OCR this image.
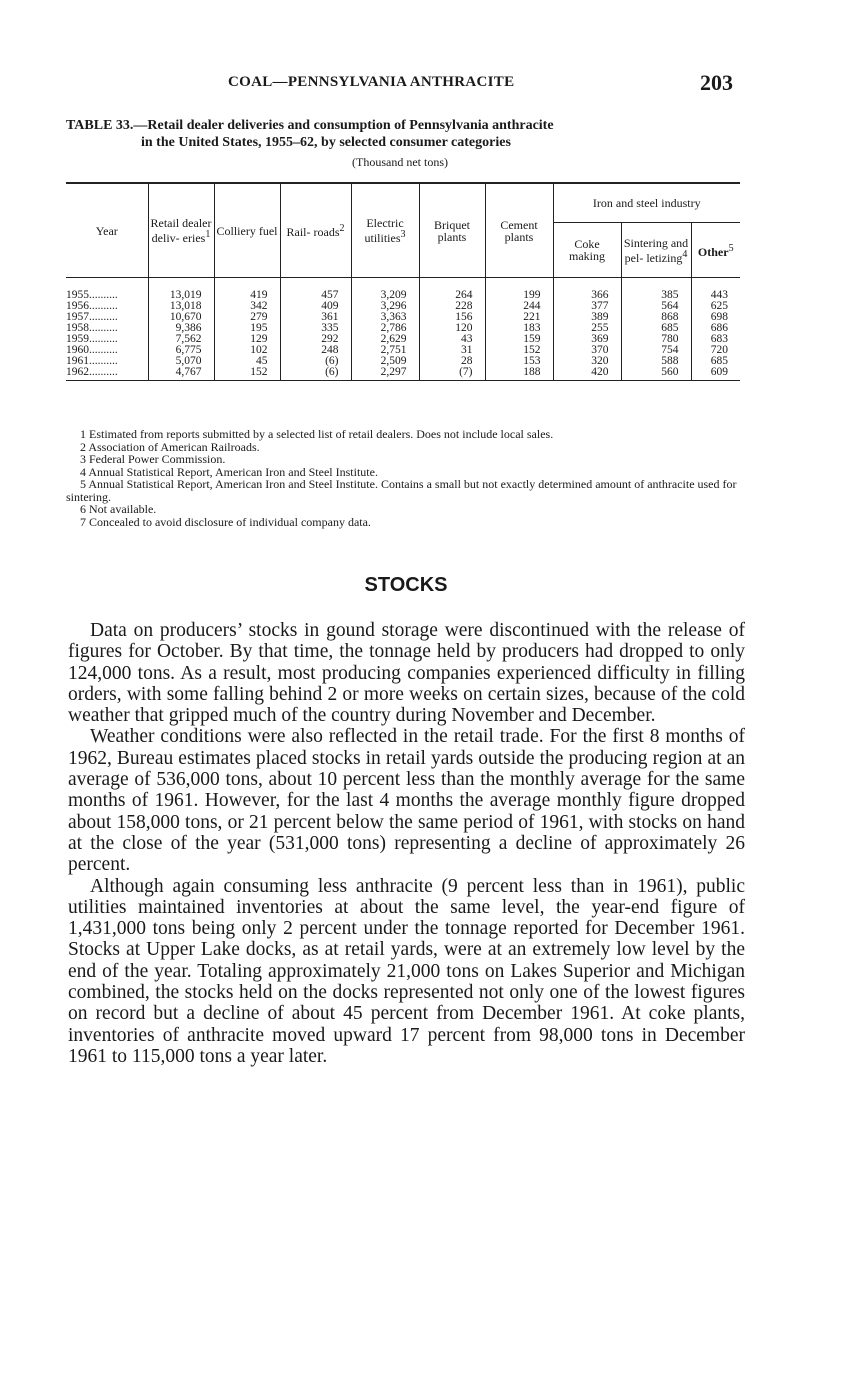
COAL—PENNSYLVANIA ANTHRACITE	203
TABLE 33.—Retail dealer deliveries and consumption of Pennsylvania anthracite
in the United States, 1955–62, by selected consumer categories
(Thousand net tons)
Year	Retail dealer deliv- eries$^1$	Colliery fuel	Rail- roads$^2$	Electric utilities$^3$	Briquet plants	Cement plants	Iron and steel industry		
							Coke making	Sintering and pel- letizing$^4$	Other$^5$

1955..........	13,019	419	457	3,209	264	199	366	385	443
1956..........	13,018	342	409	3,296	228	244	377	564	625
1957..........	10,670	279	361	3,363	156	221	389	868	698
1958..........	9,386	195	335	2,786	120	183	255	685	686
1959..........	7,562	129	292	2,629	43	159	369	780	683
1960..........	6,775	102	248	2,751	31	152	370	754	720
1961..........	5,070	45	(6)	2,509	28	153	320	588	685
1962..........	4,767	152	(6)	2,297	(7)	188	420	560	609
1 Estimated from reports submitted by a selected list of retail dealers. Does not include local sales.
2 Association of American Railroads.
3 Federal Power Commission.
4 Annual Statistical Report, American Iron and Steel Institute.
5 Annual Statistical Report, American Iron and Steel Institute. Contains a small but not exactly determined amount of anthracite used for sintering.
6 Not available.
7 Concealed to avoid disclosure of individual company data.
STOCKS

Data on producers’ stocks in gound storage were discontinued with the release of figures for October. By that time, the tonnage held by producers had dropped to only 124,000 tons. As a result, most producing companies experienced difficulty in filling orders, with some falling behind 2 or more weeks on certain sizes, because of the cold weather that gripped much of the country during November and December.

Weather conditions were also reflected in the retail trade. For the first 8 months of 1962, Bureau estimates placed stocks in retail yards outside the producing region at an average of 536,000 tons, about 10 percent less than the monthly average for the same months of 1961. However, for the last 4 months the average monthly figure dropped about 158,000 tons, or 21 percent below the same period of 1961, with stocks on hand at the close of the year (531,000 tons) representing a decline of approximately 26 percent.

Although again consuming less anthracite (9 percent less than in 1961), public utilities maintained inventories at about the same level, the year-end figure of 1,431,000 tons being only 2 percent under the tonnage reported for December 1961. Stocks at Upper Lake docks, as at retail yards, were at an extremely low level by the end of the year. Totaling approximately 21,000 tons on Lakes Superior and Michigan combined, the stocks held on the docks represented not only one of the lowest figures on record but a decline of about 45 percent from December 1961. At coke plants, inventories of anthracite moved upward 17 percent from 98,000 tons in December 1961 to 115,000 tons a year later.
